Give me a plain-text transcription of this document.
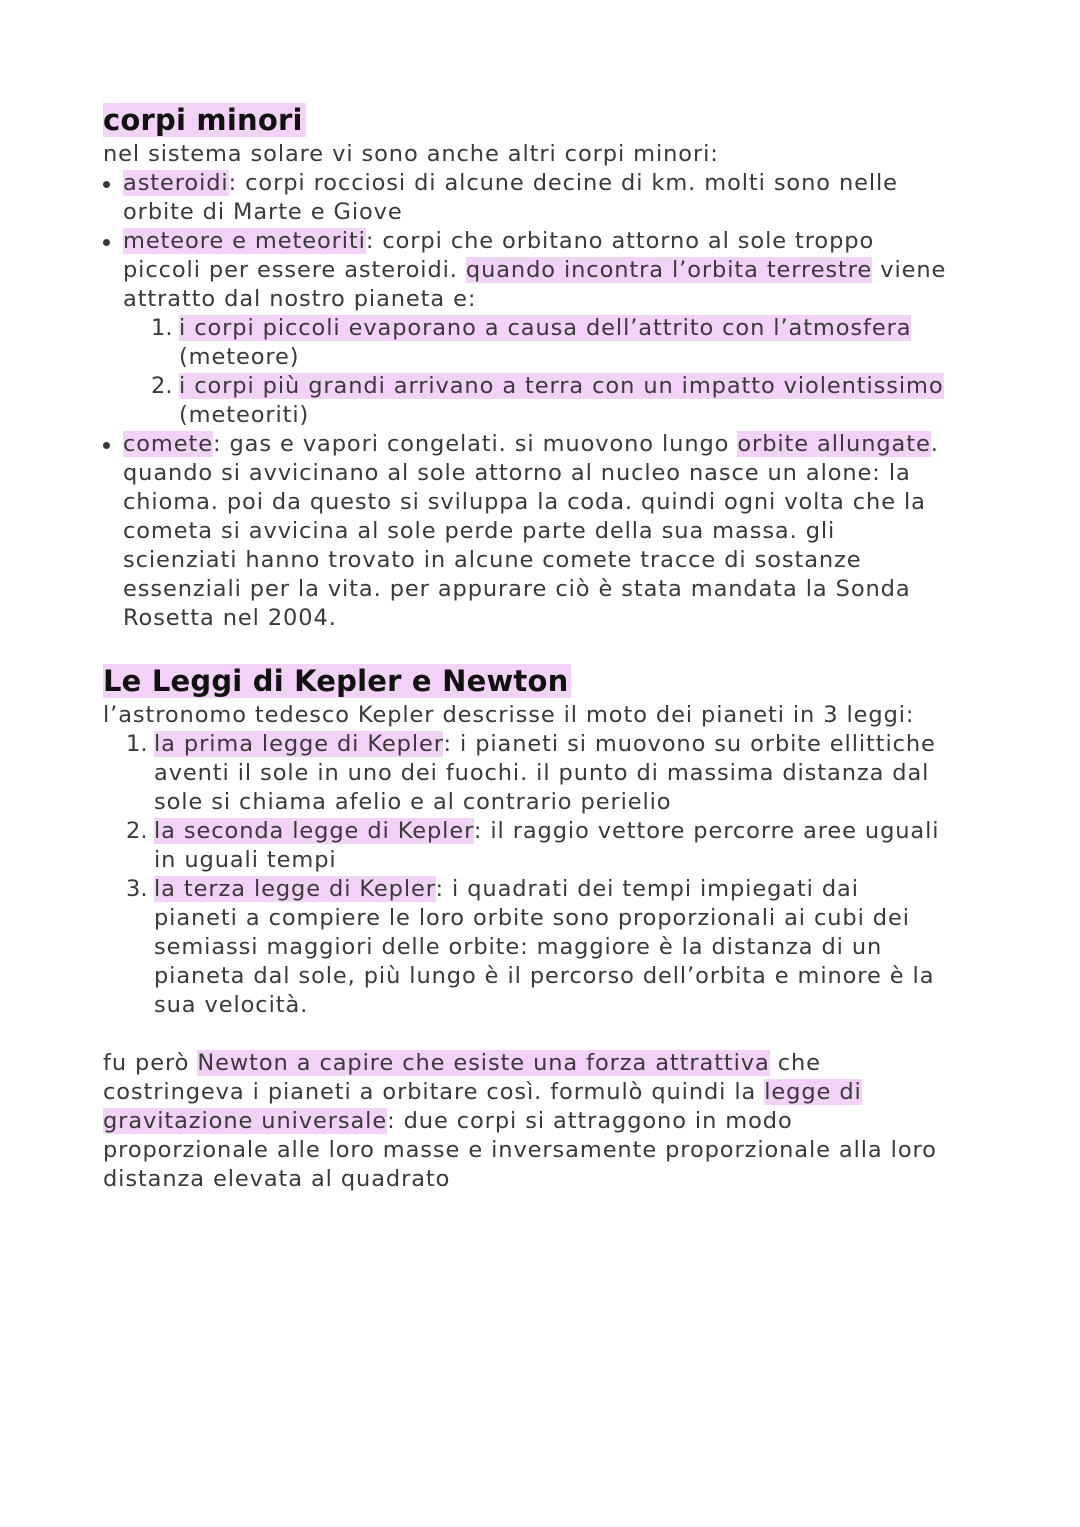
corpi minori

nel sistema solare vi sono anche altri corpi minori:

asteroidi: corpi rocciosi di alcune decine di km. molti sono nelle

orbite di Marte e Giove

meteore e meteoriti: corpi che orbitano attorno al sole troppo

piccoli per essere asteroidi. quando incontra l’orbita terrestre viene

attratto dal nostro pianeta e:

1. i corpi piccoli evaporano a causa dell’attrito con l’atmosfera

(meteore)

2. i corpi più grandi arrivano a terra con un impatto violentissimo

(meteoriti)

comete: gas e vapori congelati. si muovono lungo orbite allungate.

quando si avvicinano al sole attorno al nucleo nasce un alone: la

chioma. poi da questo si sviluppa la coda. quindi ogni volta che la

cometa si avvicina al sole perde parte della sua massa. gli

scienziati hanno trovato in alcune comete tracce di sostanze

essenziali per la vita. per appurare ciò è stata mandata la Sonda

Rosetta nel 2004.

Le Leggi di Kepler e Newton

l’astronomo tedesco Kepler descrisse il moto dei pianeti in 3 leggi:

1. la prima legge di Kepler: i pianeti si muovono su orbite ellittiche

aventi il sole in uno dei fuochi. il punto di massima distanza dal

sole si chiama afelio e al contrario perielio

2. la seconda legge di Kepler: il raggio vettore percorre aree uguali

in uguali tempi

3. la terza legge di Kepler: i quadrati dei tempi impiegati dai

pianeti a compiere le loro orbite sono proporzionali ai cubi dei

semiassi maggiori delle orbite: maggiore è la distanza di un

pianeta dal sole, più lungo è il percorso dell’orbita e minore è la

sua velocità.

fu però Newton a capire che esiste una forza attrattiva che

costringeva i pianeti a orbitare così. formulò quindi la legge di

gravitazione universale: due corpi si attraggono in modo

proporzionale alle loro masse e inversamente proporzionale alla loro

distanza elevata al quadrato
